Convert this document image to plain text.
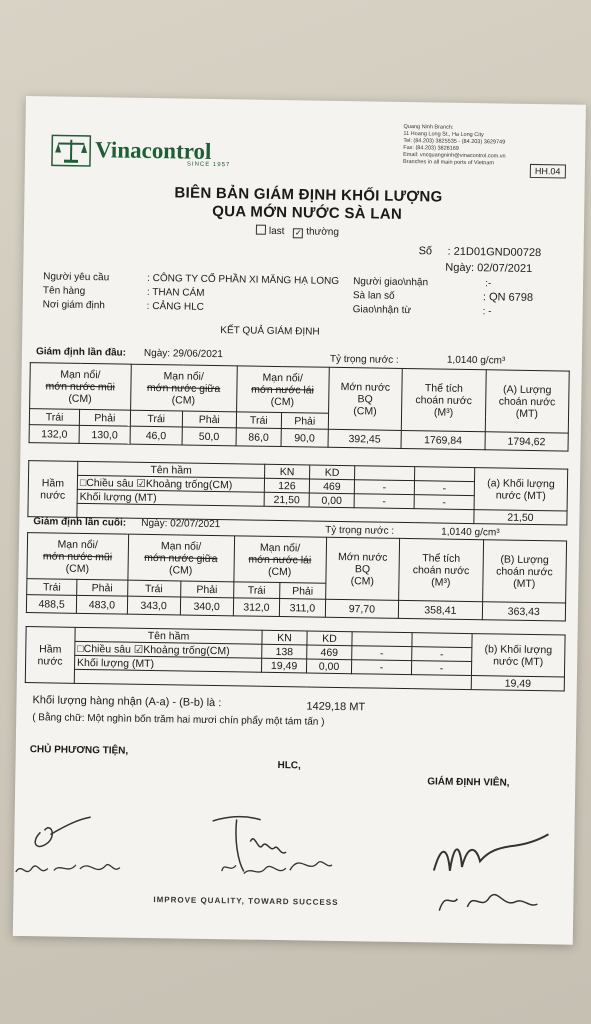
Vinacontrol
SINCE 1957
Quang Ninh Branch:
11 Hoang Long St., Ha Long City
Tel: (84.203) 3825535 - (84.203) 3629749
Fax: (84.203) 3828169
Email: vncquangninh@vinacontrol.com.vn
Branches in all main ports of Vietnam
HH.04
BIÊN BẢN GIÁM ĐỊNH KHỐI LƯỢNG
QUA MỚN NƯỚC SÀ LAN
last ✓ thường
Số : 21D01GND00728
Ngày: 02/07/2021
Người yêu cầu	: CÔNG TY CỔ PHẦN XI MĂNG HẠ LONG Người giao\nhận	:-
Tên hàng	: THAN CÁM	Sà lan số	: QN 6798
Nơi giám định	: CẢNG HLC	Giao\nhận từ	: -
KẾT QUẢ GIÁM ĐỊNH
Giám định lần đầu: Ngày: 29/06/2021	Tỷ trọng nước :	1,0140 g/cm³
Mạn nổi/
mớn nước mũi
(CM)		Mạn nổi/
mớn nước giữa
(CM)		Mạn nổi/
mớn nước lái
(CM)		Mớn nước
BQ
(CM)	Thể tích
choán nước
(M³)	(A) Lượng
choán nước
(MT)
Trái	Phải	Trái	Phải	Trái	Phải			
132,0	130,0	46,0	50,0	86,0	90,0	392,45	1769,84	1794,62
Hầm
nước	Tên hầm	KN	KD			(a) Khối lượng
nước (MT)
	□Chiều sâu ☑Khoảng trống(CM)	126	469	-	-	
	Khối lượng (MT)	21,50	0,00	-	-	
						21,50
Giám định lần cuối: Ngày: 02/07/2021
Tỷ trọng nước :	1,0140 g/cm³
Mạn nổi/
mớn nước mũi
(CM)		Mạn nổi/
mớn nước giữa
(CM)		Mạn nổi/
mớn nước lái
(CM)		Mớn nước
BQ
(CM)	Thể tích
choán nước
(M³)	(B) Lượng
choán nước
(MT)
Trái	Phải	Trái	Phải	Trái	Phải			
488,5	483,0	343,0	340,0	312,0	311,0	97,70	358,41	363,43
Hầm
nước	Tên hầm	KN	KD			(b) Khối lượng
nước (MT)
	□Chiều sâu ☑Khoảng trống(CM)	138	469	-	-	
	Khối lượng (MT)	19,49	0,00	-	-	
						19,49
Khối lượng hàng nhận (A-a) - (B-b) là :	1429,18 MT
( Bằng chữ: Một nghìn bốn trăm hai mươi chín phẩy một tám tấn )
CHỦ PHƯƠNG TIỆN,
HLC,
GIÁM ĐỊNH VIÊN,
IMPROVE QUALITY, TOWARD SUCCESS
